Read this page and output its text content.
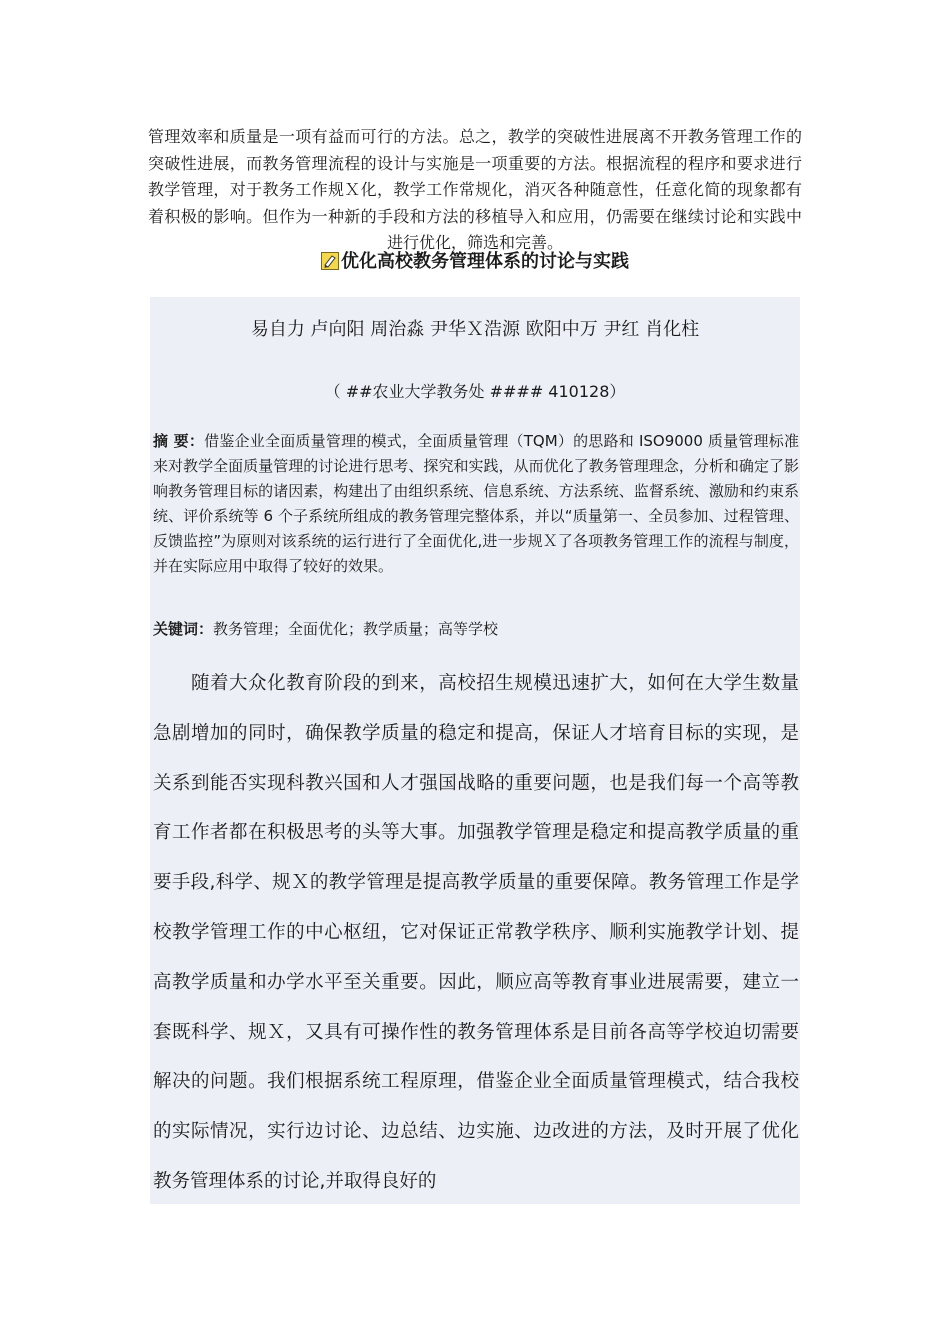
管理效率和质量是一项有益而可行的方法。总之，教学的突破性进展离不开教务管理工作的突破性进展，而教务管理流程的设计与实施是一项重要的方法。根据流程的程序和要求进行教学管理，对于教务工作规Ｘ化，教学工作常规化，消灭各种随意性，任意化简的现象都有着积极的影响。但作为一种新的手段和方法的移植导入和应用，仍需要在继续讨论和实践中进行优化，筛选和完善。
优化高校教务管理体系的讨论与实践
易自力 卢向阳 周治淼 尹华Ｘ浩源 欧阳中万 尹红 肖化柱
（ ##农业大学教务处 #### 410128）
摘 要：借鉴企业全面质量管理的模式，全面质量管理（TQM）的思路和 ISO9000 质量管理标准来对教学全面质量管理的讨论进行思考、探究和实践，从而优化了教务管理理念，分析和确定了影响教务管理目标的诸因素，构建出了由组织系统、信息系统、方法系统、监督系统、激励和约束系统、评价系统等 6 个子系统所组成的教务管理完整体系，并以“质量第一、全员参加、过程管理、反馈监控”为原则对该系统的运行进行了全面优化,进一步规Ｘ了各项教务管理工作的流程与制度，并在实际应用中取得了较好的效果。
关键词：教务管理；全面优化；教学质量；高等学校
随着大众化教育阶段的到来，高校招生规模迅速扩大，如何在大学生数量急剧增加的同时，确保教学质量的稳定和提高，保证人才培育目标的实现，是关系到能否实现科教兴国和人才强国战略的重要问题，也是我们每一个高等教育工作者都在积极思考的头等大事。加强教学管理是稳定和提高教学质量的重要手段,科学、规Ｘ的教学管理是提高教学质量的重要保障。教务管理工作是学校教学管理工作的中心枢纽，它对保证正常教学秩序、顺利实施教学计划、提高教学质量和办学水平至关重要。因此，顺应高等教育事业进展需要，建立一套既科学、规Ｘ，又具有可操作性的教务管理体系是目前各高等学校迫切需要解决的问题。我们根据系统工程原理，借鉴企业全面质量管理模式，结合我校的实际情况，实行边讨论、边总结、边实施、边改进的方法，及时开展了优化教务管理体系的讨论,并取得良好的
